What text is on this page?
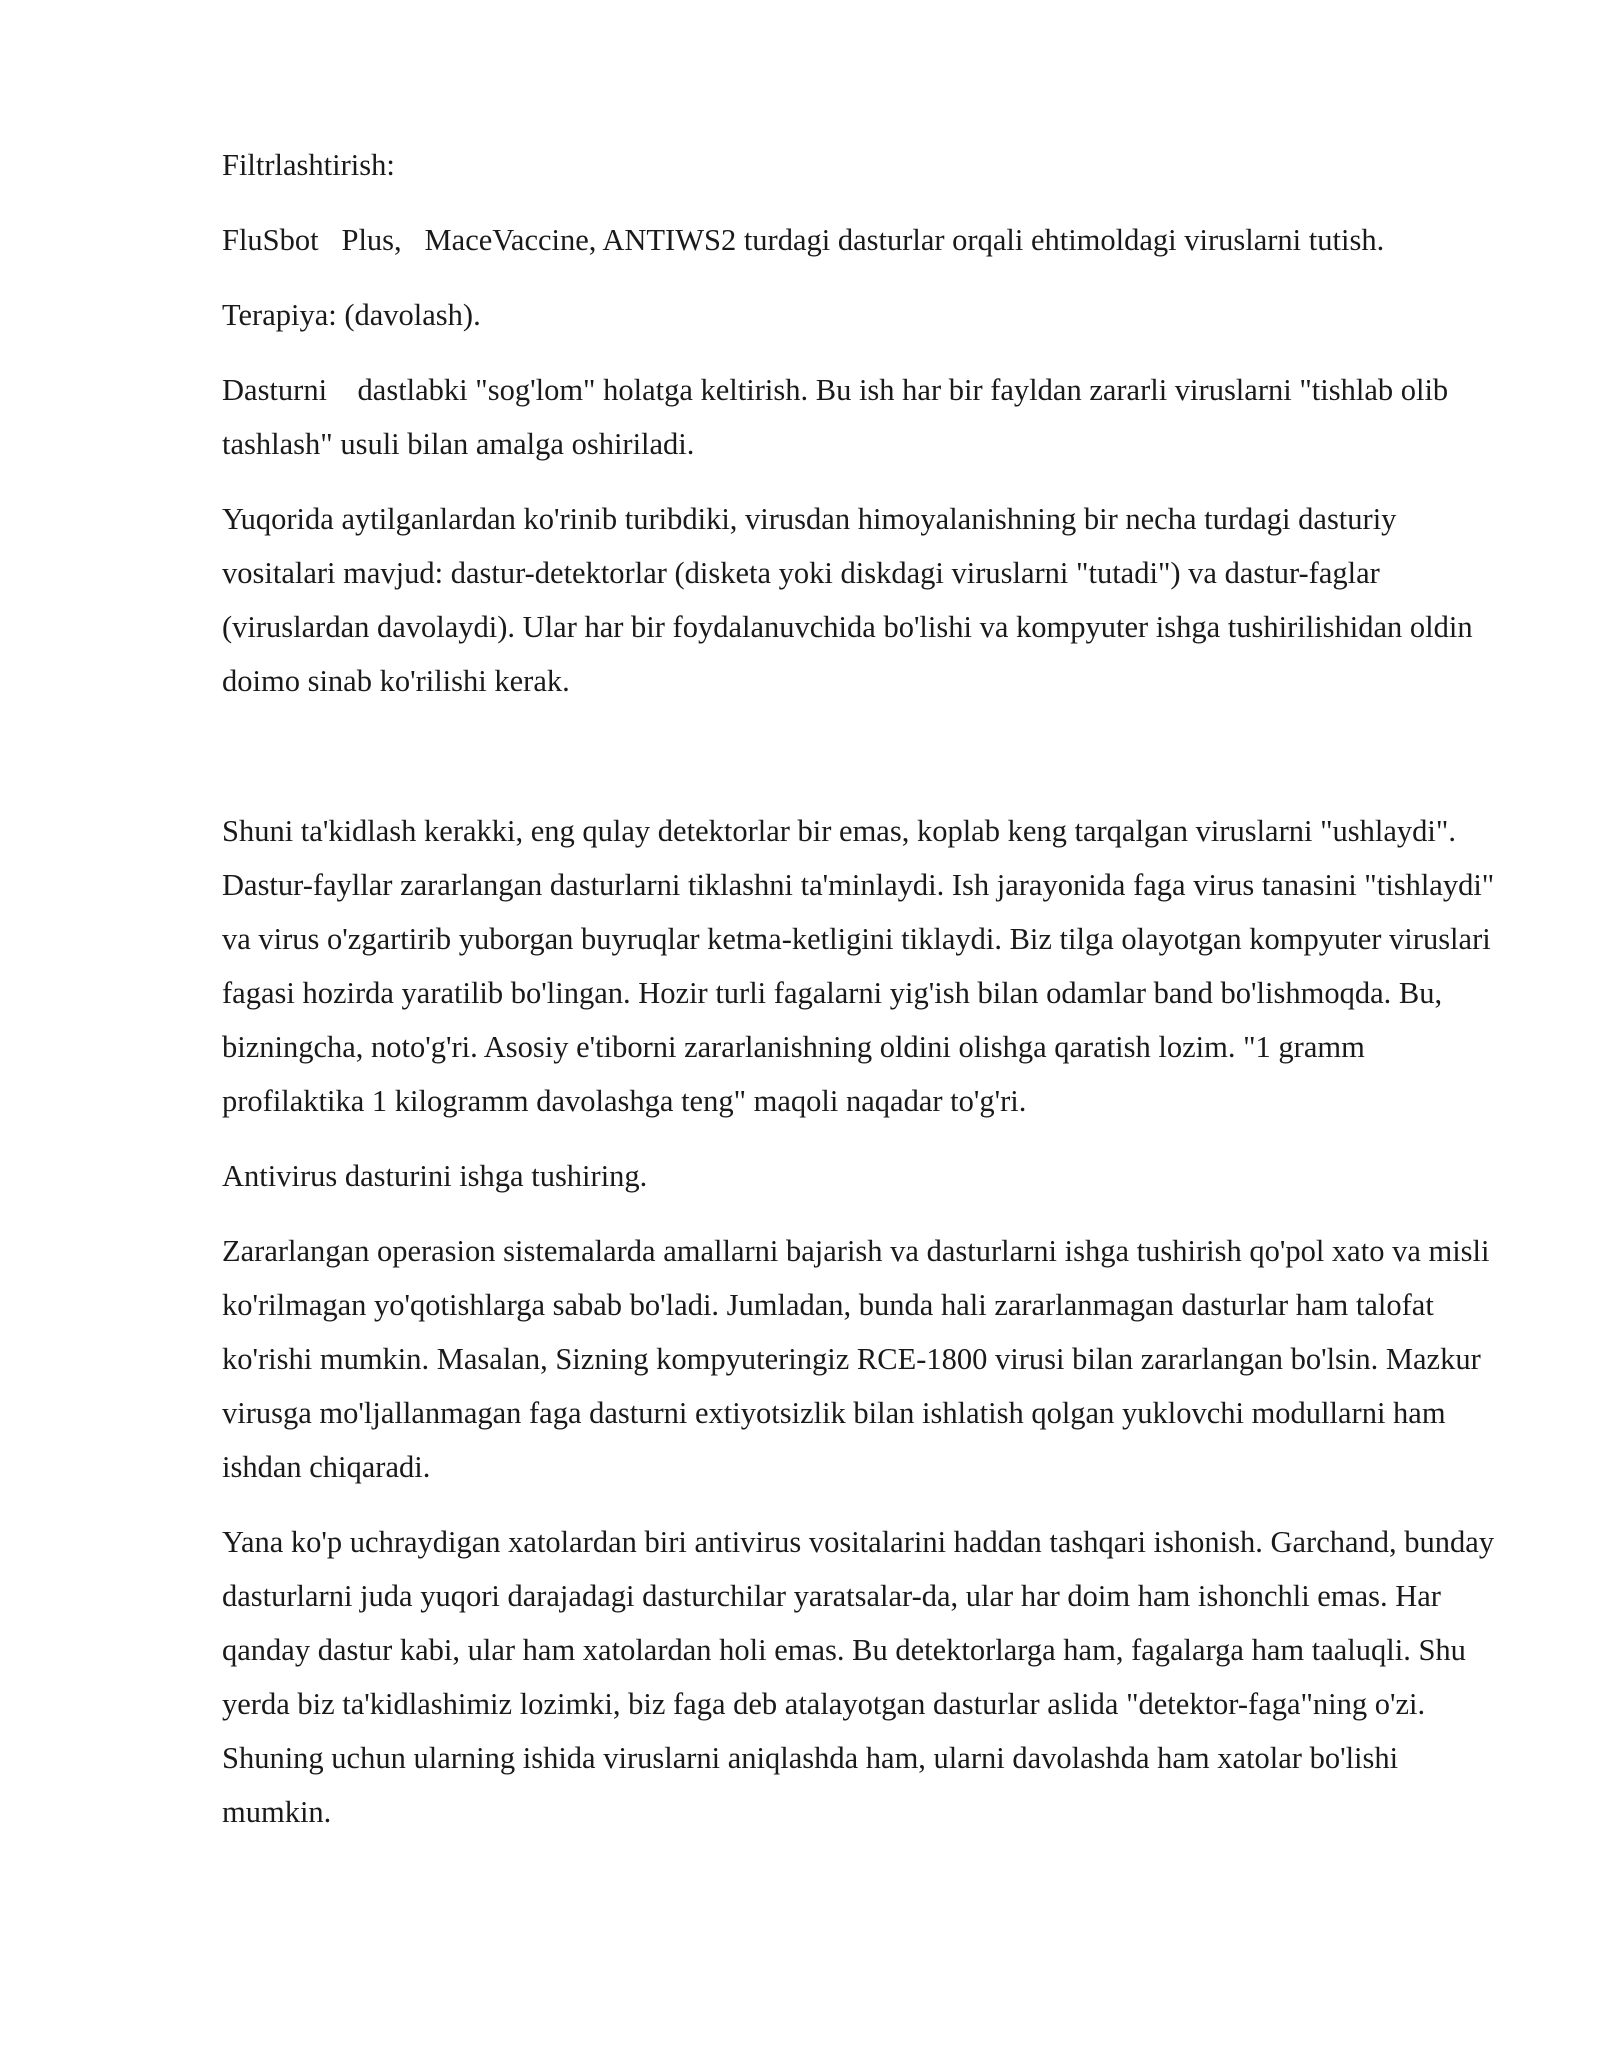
Filtrlashtirish:

FluSbot   Plus,   MaceVaccine, ANTIWS2 turdagi dasturlar orqali ehtimoldagi viruslarni tutish.

Terapiya: (davolash).

Dasturni    dastlabki "sog'lom" holatga keltirish. Bu ish har bir fayldan zararli viruslarni "tishlab olib tashlash" usuli bilan amalga oshiriladi.

Yuqorida aytilganlardan ko'rinib turibdiki, virusdan himoyalanishning bir necha turdagi dasturiy vositalari mavjud: dastur-detektorlar (disketa yoki diskdagi viruslarni "tutadi") va dastur-faglar (viruslardan davolaydi). Ular har bir foydalanuvchida bo'lishi va kompyuter ishga tushirilishidan oldin doimo sinab ko'rilishi kerak.

Shuni ta'kidlash kerakki, eng qulay detektorlar bir emas, koplab keng tarqalgan viruslarni "ushlaydi". Dastur-fayllar zararlangan dasturlarni tiklashni ta'minlaydi. Ish jarayonida faga virus tanasini "tishlaydi" va virus o'zgartirib yuborgan buyruqlar ketma-ketligini tiklaydi. Biz tilga olayotgan kompyuter viruslari fagasi hozirda yaratilib bo'lingan. Hozir turli fagalarni yig'ish bilan odamlar band bo'lishmoqda. Bu, bizningcha, noto'g'ri. Asosiy e'tiborni zararlanishning oldini olishga qaratish lozim. "1 gramm profilaktika 1 kilogramm davolashga teng" maqoli naqadar to'g'ri.

Antivirus dasturini ishga tushiring.

Zararlangan operasion sistemalarda amallarni bajarish va dasturlarni ishga tushirish qo'pol xato va misli ko'rilmagan yo'qotishlarga sabab bo'ladi. Jumladan, bunda hali zararlanmagan dasturlar ham talofat ko'rishi mumkin. Masalan, Sizning kompyuteringiz RCE-1800 virusi bilan zararlangan bo'lsin. Mazkur virusga mo'ljallanmagan faga dasturni extiyotsizlik bilan ishlatish qolgan yuklovchi modullarni ham ishdan chiqaradi.

Yana ko'p uchraydigan xatolardan biri antivirus vositalarini haddan tashqari ishonish. Garchand, bunday dasturlarni juda yuqori darajadagi dasturchilar yaratsalar-da, ular har doim ham ishonchli emas. Har qanday dastur kabi, ular ham xatolardan holi emas. Bu detektorlarga ham, fagalarga ham taaluqli. Shu yerda biz ta'kidlashimiz lozimki, biz faga deb atalayotgan dasturlar aslida "detektor-faga"ning o'zi. Shuning uchun ularning ishida viruslarni aniqlashda ham, ularni davolashda ham xatolar bo'lishi mumkin.
